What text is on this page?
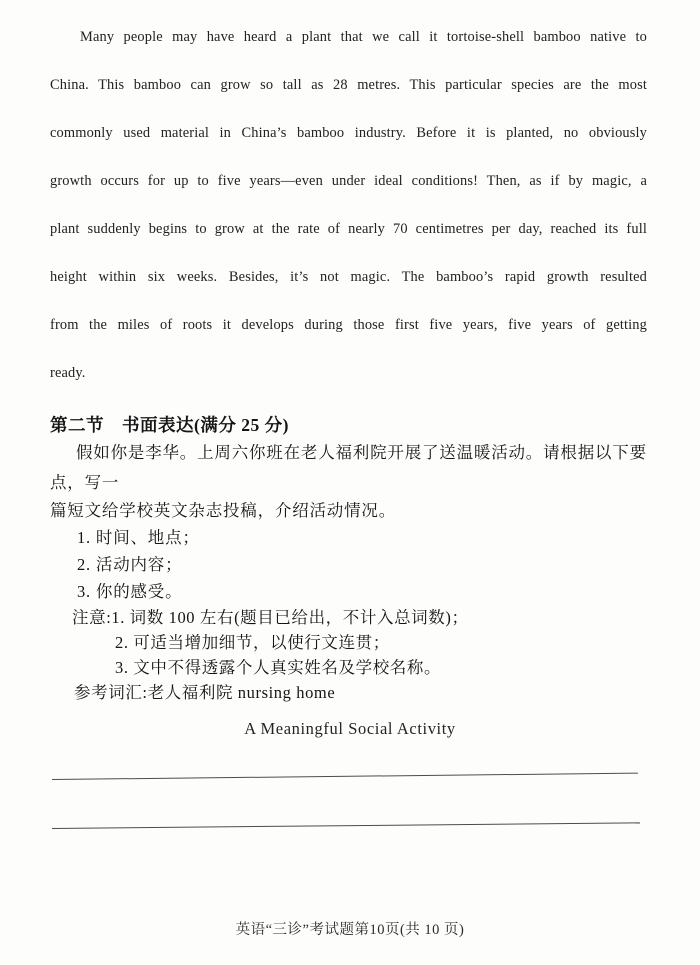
Many people may have heard a plant that we call it tortoise-shell bamboo native to
China. This bamboo can grow so tall as 28 metres. This particular species are the most
commonly used material in China’s bamboo industry. Before it is planted, no obviously
growth occurs for up to five years—even under ideal conditions! Then, as if by magic, a
plant suddenly begins to grow at the rate of nearly 70 centimetres per day, reached its full
height within six weeks. Besides, it’s not magic. The bamboo’s rapid growth resulted
from the miles of roots it develops during those first five years, five years of getting
ready.
第二节　书面表达(满分 25 分)
假如你是李华。上周六你班在老人福利院开展了送温暖活动。请根据以下要点，写一
篇短文给学校英文杂志投稿，介绍活动情况。
1. 时间、地点；
2. 活动内容；
3. 你的感受。
注意:1. 词数 100 左右(题目已给出，不计入总词数)；
2. 可适当增加细节，以使行文连贯；
3. 文中不得透露个人真实姓名及学校名称。
参考词汇:老人福利院 nursing home
A Meaningful Social Activity
英语“三诊”考试题第10页(共 10 页)
